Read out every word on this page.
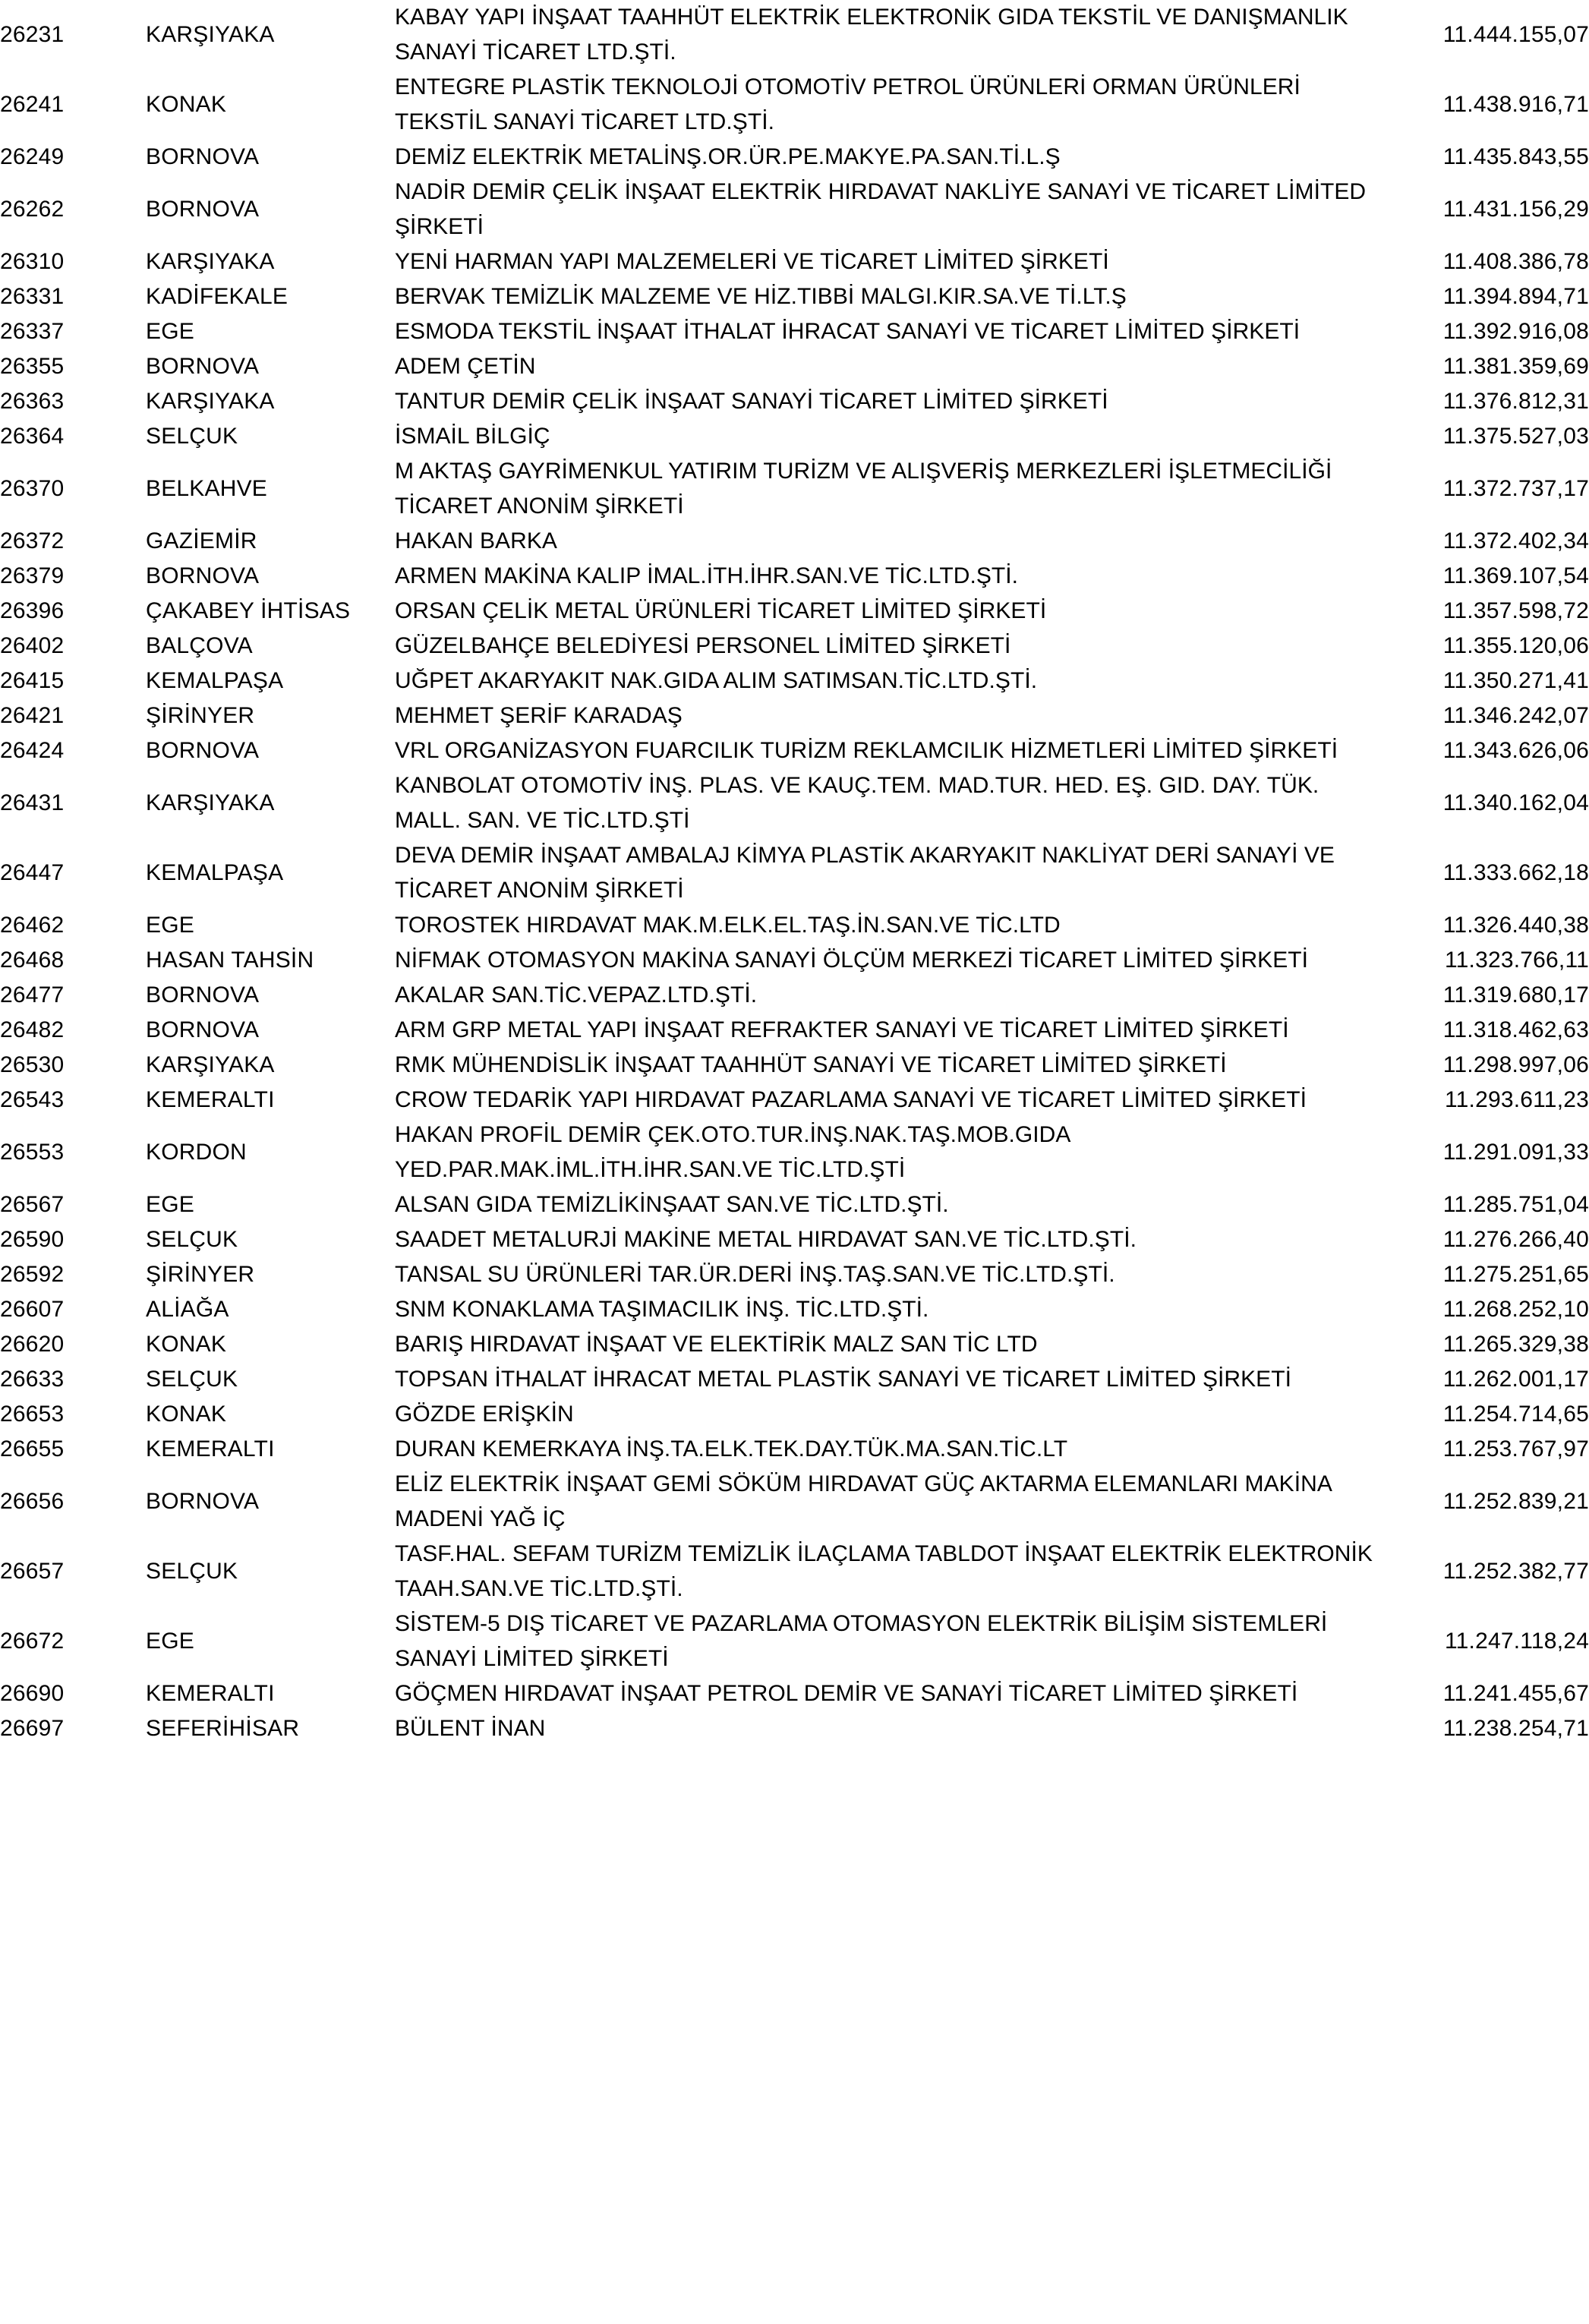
26231	KARŞIYAKA	KABAY YAPI İNŞAAT TAAHHÜT ELEKTRİK ELEKTRONİK GIDA TEKSTİL VE DANIŞMANLIK SANAYİ TİCARET LTD.ŞTİ.	11.444.155,07
26241	KONAK	ENTEGRE PLASTİK TEKNOLOJİ OTOMOTİV PETROL ÜRÜNLERİ ORMAN ÜRÜNLERİ TEKSTİL SANAYİ TİCARET LTD.ŞTİ.	11.438.916,71
26249	BORNOVA	DEMİZ ELEKTRİK METALİNŞ.OR.ÜR.PE.MAKYE.PA.SAN.Tİ.L.Ş	11.435.843,55
26262	BORNOVA	NADİR DEMİR ÇELİK İNŞAAT ELEKTRİK HIRDAVAT NAKLİYE SANAYİ VE TİCARET LİMİTED ŞİRKETİ	11.431.156,29
26310	KARŞIYAKA	YENİ HARMAN YAPI MALZEMELERİ VE TİCARET LİMİTED ŞİRKETİ	11.408.386,78
26331	KADİFEKALE	BERVAK TEMİZLİK MALZEME VE HİZ.TIBBİ MALGI.KIR.SA.VE Tİ.LT.Ş	11.394.894,71
26337	EGE	ESMODA TEKSTİL İNŞAAT İTHALAT İHRACAT SANAYİ VE TİCARET LİMİTED ŞİRKETİ	11.392.916,08
26355	BORNOVA	ADEM ÇETİN	11.381.359,69
26363	KARŞIYAKA	TANTUR DEMİR ÇELİK İNŞAAT SANAYİ TİCARET LİMİTED ŞİRKETİ	11.376.812,31
26364	SELÇUK	İSMAİL BİLGİÇ	11.375.527,03
26370	BELKAHVE	M AKTAŞ GAYRİMENKUL YATIRIM TURİZM VE ALIŞVERİŞ MERKEZLERİ İŞLETMECİLİĞİ TİCARET ANONİM ŞİRKETİ	11.372.737,17
26372	GAZİEMİR	HAKAN BARKA	11.372.402,34
26379	BORNOVA	ARMEN MAKİNA KALIP İMAL.İTH.İHR.SAN.VE TİC.LTD.ŞTİ.	11.369.107,54
26396	ÇAKABEY İHTİSAS	ORSAN ÇELİK METAL ÜRÜNLERİ TİCARET LİMİTED ŞİRKETİ	11.357.598,72
26402	BALÇOVA	GÜZELBAHÇE BELEDİYESİ PERSONEL LİMİTED ŞİRKETİ	11.355.120,06
26415	KEMALPAŞA	UĞPET AKARYAKIT NAK.GIDA ALIM SATIMSAN.TİC.LTD.ŞTİ.	11.350.271,41
26421	ŞİRİNYER	MEHMET ŞERİF KARADAŞ	11.346.242,07
26424	BORNOVA	VRL ORGANİZASYON FUARCILIK TURİZM REKLAMCILIK HİZMETLERİ LİMİTED ŞİRKETİ	11.343.626,06
26431	KARŞIYAKA	KANBOLAT OTOMOTİV İNŞ. PLAS. VE KAUÇ.TEM. MAD.TUR. HED. EŞ. GID. DAY. TÜK. MALL. SAN. VE TİC.LTD.ŞTİ	11.340.162,04
26447	KEMALPAŞA	DEVA DEMİR İNŞAAT AMBALAJ KİMYA PLASTİK AKARYAKIT NAKLİYAT DERİ SANAYİ VE TİCARET ANONİM ŞİRKETİ	11.333.662,18
26462	EGE	TOROSTEK HIRDAVAT MAK.M.ELK.EL.TAŞ.İN.SAN.VE TİC.LTD	11.326.440,38
26468	HASAN TAHSİN	NİFMAK OTOMASYON MAKİNA SANAYİ ÖLÇÜM MERKEZİ TİCARET LİMİTED ŞİRKETİ	11.323.766,11
26477	BORNOVA	AKALAR SAN.TİC.VEPAZ.LTD.ŞTİ.	11.319.680,17
26482	BORNOVA	ARM GRP METAL YAPI İNŞAAT REFRAKTER SANAYİ VE TİCARET LİMİTED ŞİRKETİ	11.318.462,63
26530	KARŞIYAKA	RMK MÜHENDİSLİK İNŞAAT TAAHHÜT SANAYİ VE TİCARET LİMİTED ŞİRKETİ	11.298.997,06
26543	KEMERALTI	CROW TEDARİK YAPI HIRDAVAT PAZARLAMA SANAYİ VE TİCARET LİMİTED ŞİRKETİ	11.293.611,23
26553	KORDON	HAKAN PROFİL DEMİR ÇEK.OTO.TUR.İNŞ.NAK.TAŞ.MOB.GIDA YED.PAR.MAK.İML.İTH.İHR.SAN.VE TİC.LTD.ŞTİ	11.291.091,33
26567	EGE	ALSAN GIDA TEMİZLİKİNŞAAT SAN.VE TİC.LTD.ŞTİ.	11.285.751,04
26590	SELÇUK	SAADET METALURJİ MAKİNE METAL HIRDAVAT SAN.VE TİC.LTD.ŞTİ.	11.276.266,40
26592	ŞİRİNYER	TANSAL SU ÜRÜNLERİ TAR.ÜR.DERİ İNŞ.TAŞ.SAN.VE TİC.LTD.ŞTİ.	11.275.251,65
26607	ALİAĞA	SNM KONAKLAMA TAŞIMACILIK İNŞ. TİC.LTD.ŞTİ.	11.268.252,10
26620	KONAK	BARIŞ HIRDAVAT İNŞAAT VE ELEKTİRİK MALZ SAN TİC LTD	11.265.329,38
26633	SELÇUK	TOPSAN İTHALAT İHRACAT METAL PLASTİK SANAYİ VE TİCARET LİMİTED ŞİRKETİ	11.262.001,17
26653	KONAK	GÖZDE ERİŞKİN	11.254.714,65
26655	KEMERALTI	DURAN KEMERKAYA İNŞ.TA.ELK.TEK.DAY.TÜK.MA.SAN.TİC.LT	11.253.767,97
26656	BORNOVA	ELİZ ELEKTRİK İNŞAAT GEMİ SÖKÜM HIRDAVAT GÜÇ AKTARMA ELEMANLARI MAKİNA MADENİ YAĞ İÇ	11.252.839,21
26657	SELÇUK	TASF.HAL. SEFAM TURİZM TEMİZLİK İLAÇLAMA TABLDOT İNŞAAT ELEKTRİK ELEKTRONİK TAAH.SAN.VE TİC.LTD.ŞTİ.	11.252.382,77
26672	EGE	SİSTEM-5 DIŞ TİCARET VE PAZARLAMA OTOMASYON ELEKTRİK BİLİŞİM SİSTEMLERİ SANAYİ LİMİTED ŞİRKETİ	11.247.118,24
26690	KEMERALTI	GÖÇMEN HIRDAVAT İNŞAAT PETROL DEMİR VE SANAYİ TİCARET LİMİTED ŞİRKETİ	11.241.455,67
26697	SEFERİHİSAR	BÜLENT İNAN	11.238.254,71
